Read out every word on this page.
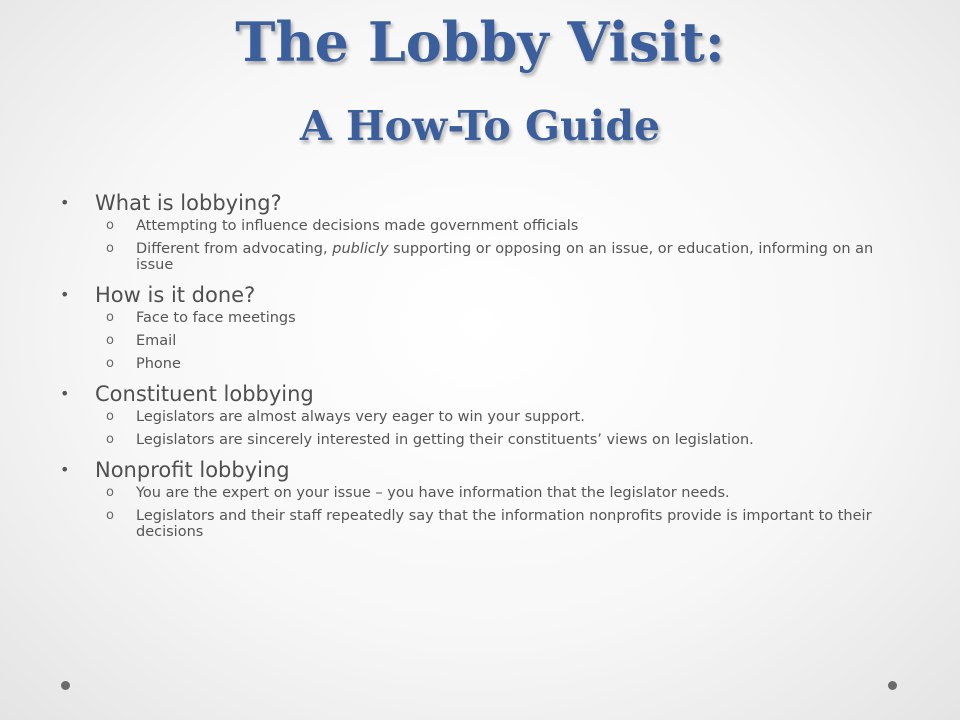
The Lobby Visit:
A How-To Guide
• What is lobbying?
o Attempting to influence decisions made government officials
o Different from advocating, publicly supporting or opposing on an issue, or education, informing on an issue
• How is it done?
o Face to face meetings
o Email
o Phone
• Constituent lobbying
o Legislators are almost always very eager to win your support.
o Legislators are sincerely interested in getting their constituents’ views on legislation.
• Nonprofit lobbying
o You are the expert on your issue – you have information that the legislator needs.
o Legislators and their staff repeatedly say that the information nonprofits provide is important to their decisions
